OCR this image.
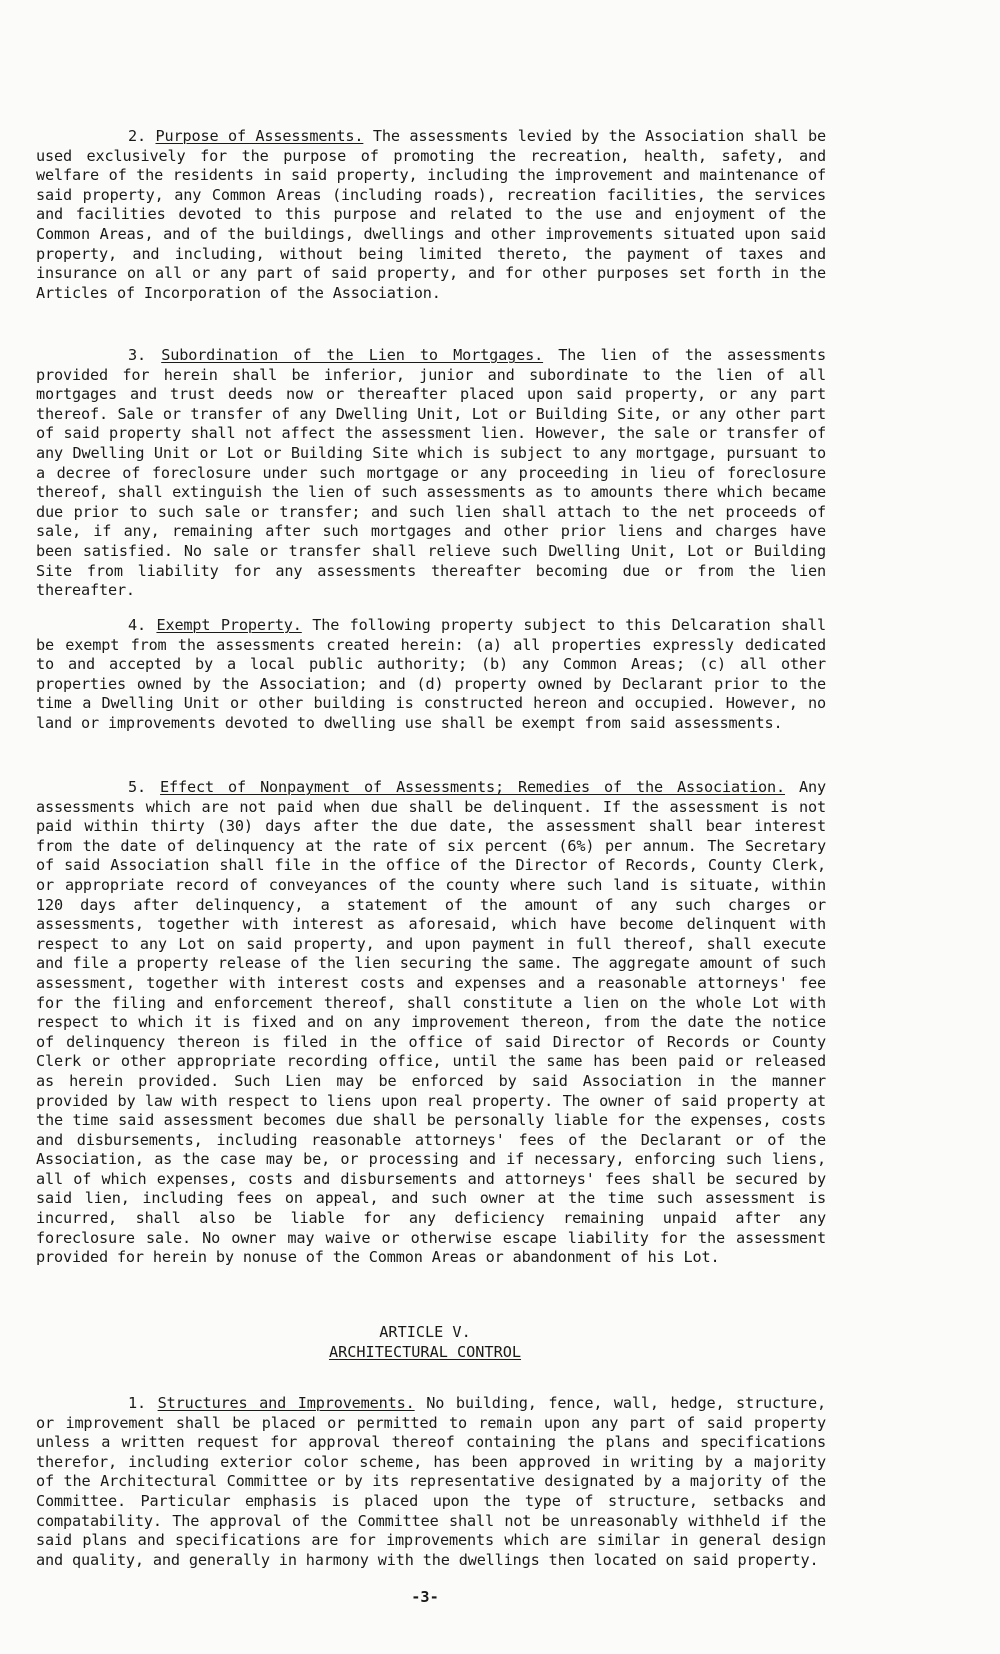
2. Purpose of Assessments. The assessments levied by the Association shall be used exclusively for the purpose of promoting the recreation, health, safety, and welfare of the residents in said property, including the improvement and maintenance of said property, any Common Areas (including roads), recreation facilities, the services and facilities devoted to this purpose and related to the use and enjoyment of the Common Areas, and of the buildings, dwellings and other improvements situated upon said property, and including, without being limited thereto, the payment of taxes and insurance on all or any part of said property, and for other purposes set forth in the Articles of Incorporation of the Association.

3. Subordination of the Lien to Mortgages. The lien of the assessments provided for herein shall be inferior, junior and subordinate to the lien of all mortgages and trust deeds now or thereafter placed upon said property, or any part thereof. Sale or transfer of any Dwelling Unit, Lot or Building Site, or any other part of said property shall not affect the assessment lien. However, the sale or transfer of any Dwelling Unit or Lot or Building Site which is subject to any mortgage, pursuant to a decree of foreclosure under such mortgage or any proceeding in lieu of foreclosure thereof, shall extinguish the lien of such assessments as to amounts there which became due prior to such sale or transfer; and such lien shall attach to the net proceeds of sale, if any, remaining after such mortgages and other prior liens and charges have been satisfied. No sale or transfer shall relieve such Dwelling Unit, Lot or Building Site from liability for any assessments thereafter becoming due or from the lien thereafter.

4. Exempt Property. The following property subject to this Delcaration shall be exempt from the assessments created herein: (a) all properties expressly dedicated to and accepted by a local public authority; (b) any Common Areas; (c) all other properties owned by the Association; and (d) property owned by Declarant prior to the time a Dwelling Unit or other building is constructed hereon and occupied. However, no land or improvements devoted to dwelling use shall be exempt from said assessments.

5. Effect of Nonpayment of Assessments; Remedies of the Association. Any assessments which are not paid when due shall be delinquent. If the assessment is not paid within thirty (30) days after the due date, the assessment shall bear interest from the date of delinquency at the rate of six percent (6%) per annum. The Secretary of said Association shall file in the office of the Director of Records, County Clerk, or appropriate record of conveyances of the county where such land is situate, within 120 days after delinquency, a statement of the amount of any such charges or assessments, together with interest as aforesaid, which have become delinquent with respect to any Lot on said property, and upon payment in full thereof, shall execute and file a property release of the lien securing the same. The aggregate amount of such assessment, together with interest costs and expenses and a reasonable attorneys' fee for the filing and enforcement thereof, shall constitute a lien on the whole Lot with respect to which it is fixed and on any improvement thereon, from the date the notice of delinquency thereon is filed in the office of said Director of Records or County Clerk or other appropriate recording office, until the same has been paid or released as herein provided. Such Lien may be enforced by said Association in the manner provided by law with respect to liens upon real property. The owner of said property at the time said assessment becomes due shall be personally liable for the expenses, costs and disbursements, including reasonable attorneys' fees of the Declarant or of the Association, as the case may be, or processing and if necessary, enforcing such liens, all of which expenses, costs and disbursements and attorneys' fees shall be secured by said lien, including fees on appeal, and such owner at the time such assessment is incurred, shall also be liable for any deficiency remaining unpaid after any foreclosure sale. No owner may waive or otherwise escape liability for the assessment provided for herein by nonuse of the Common Areas or abandonment of his Lot.

ARTICLE V.
ARCHITECTURAL CONTROL

1. Structures and Improvements. No building, fence, wall, hedge, structure, or improvement shall be placed or permitted to remain upon any part of said property unless a written request for approval thereof containing the plans and specifications therefor, including exterior color scheme, has been approved in writing by a majority of the Architectural Committee or by its representative designated by a majority of the Committee. Particular emphasis is placed upon the type of structure, setbacks and compatability. The approval of the Committee shall not be unreasonably withheld if the said plans and specifications are for improvements which are similar in general design and quality, and generally in harmony with the dwellings then located on said property.

-3-
